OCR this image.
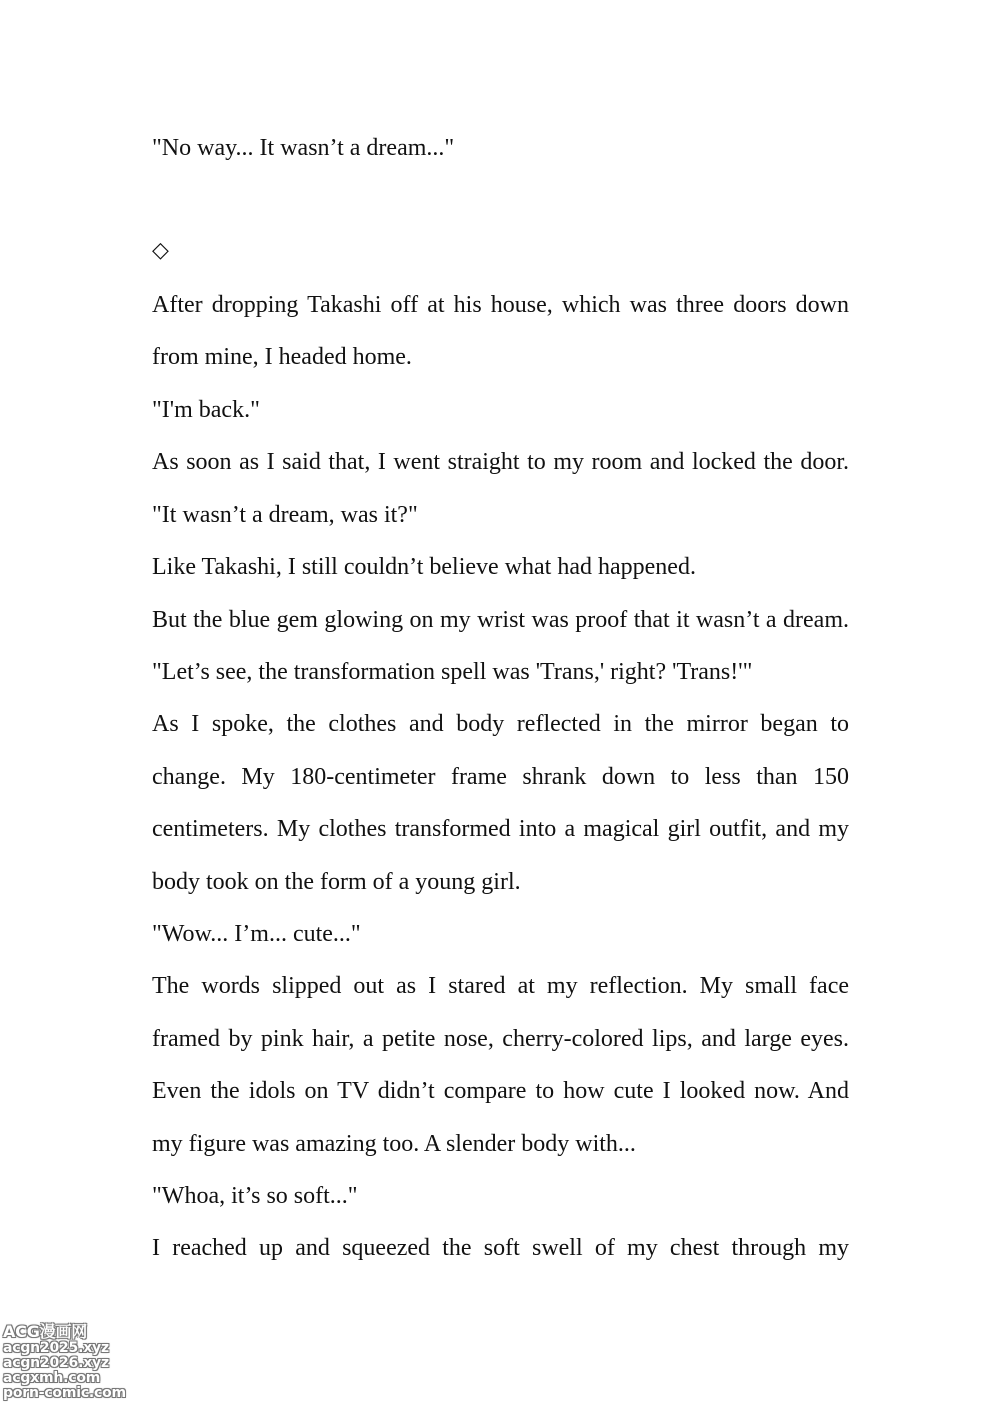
"No way... It wasn’t a dream..."
◇
After dropping Takashi off at his house, which was three doors down
from mine, I headed home.
"I'm back."
As soon as I said that, I went straight to my room and locked the door.
"It wasn’t a dream, was it?"
Like Takashi, I still couldn’t believe what had happened.
But the blue gem glowing on my wrist was proof that it wasn’t a dream.
"Let’s see, the transformation spell was 'Trans,' right? 'Trans!'"
As I spoke, the clothes and body reflected in the mirror began to
change. My 180-centimeter frame shrank down to less than 150
centimeters. My clothes transformed into a magical girl outfit, and my
body took on the form of a young girl.
"Wow... I’m... cute..."
The words slipped out as I stared at my reflection. My small face
framed by pink hair, a petite nose, cherry-colored lips, and large eyes.
Even the idols on TV didn’t compare to how cute I looked now. And
my figure was amazing too. A slender body with...
"Whoa, it’s so soft..."
I reached up and squeezed the soft swell of my chest through my
ACG漫画网
acgn2025.xyz
acgn2026.xyz
acgxmh.com
porn-comic.com
